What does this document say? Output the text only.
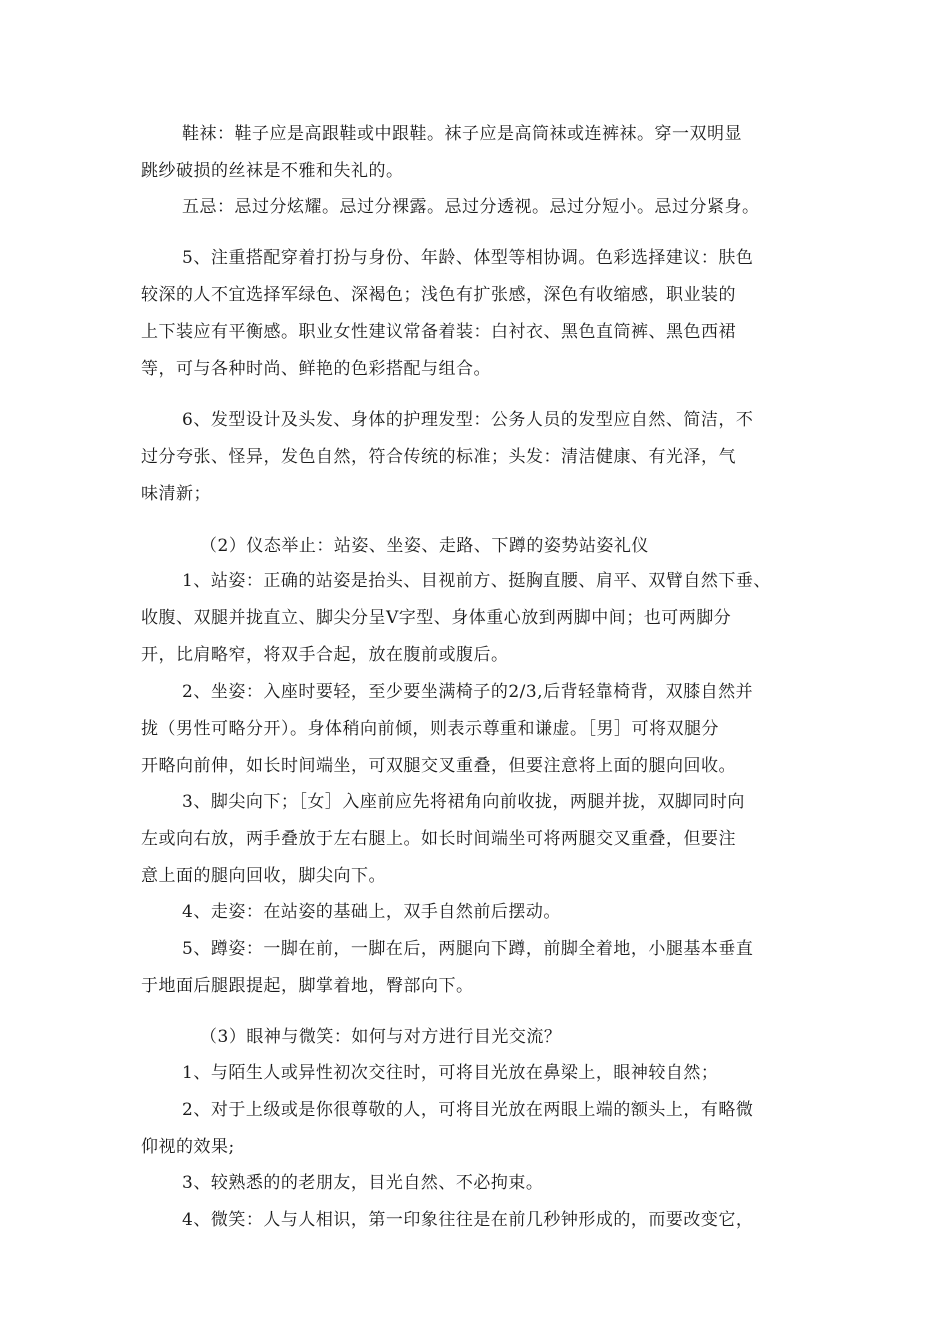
鞋袜：鞋子应是高跟鞋或中跟鞋。袜子应是高筒袜或连裤袜。穿一双明显
跳纱破损的丝袜是不雅和失礼的。
五忌：忌过分炫耀。忌过分裸露。忌过分透视。忌过分短小。忌过分紧身。
5、注重搭配穿着打扮与身份、年龄、体型等相协调。色彩选择建议：肤色
较深的人不宜选择军绿色、深褐色；浅色有扩张感，深色有收缩感，职业装的
上下装应有平衡感。职业女性建议常备着装：白衬衣、黑色直筒裤、黑色西裙
等，可与各种时尚、鲜艳的色彩搭配与组合。
6、发型设计及头发、身体的护理发型：公务人员的发型应自然、简洁，不
过分夸张、怪异，发色自然，符合传统的标准；头发：清洁健康、有光泽，气
味清新；
（2）仪态举止：站姿、坐姿、走路、下蹲的姿势站姿礼仪
1、站姿：正确的站姿是抬头、目视前方、挺胸直腰、肩平、双臂自然下垂、
收腹、双腿并拢直立、脚尖分呈V字型、身体重心放到两脚中间；也可两脚分
开，比肩略窄，将双手合起，放在腹前或腹后。
2、坐姿：入座时要轻，至少要坐满椅子的2/3,后背轻靠椅背，双膝自然并
拢（男性可略分开）。身体稍向前倾，则表示尊重和谦虚。［男］可将双腿分
开略向前伸，如长时间端坐，可双腿交叉重叠，但要注意将上面的腿向回收。
3、脚尖向下；［女］入座前应先将裙角向前收拢，两腿并拢，双脚同时向
左或向右放，两手叠放于左右腿上。如长时间端坐可将两腿交叉重叠，但要注
意上面的腿向回收，脚尖向下。
4、走姿：在站姿的基础上，双手自然前后摆动。
5、蹲姿：一脚在前，一脚在后，两腿向下蹲，前脚全着地，小腿基本垂直
于地面后腿跟提起，脚掌着地，臀部向下。
（3）眼神与微笑：如何与对方进行目光交流？
1、与陌生人或异性初次交往时，可将目光放在鼻梁上，眼神较自然；
2、对于上级或是你很尊敬的人，可将目光放在两眼上端的额头上，有略微
仰视的效果;
3、较熟悉的的老朋友，目光自然、不必拘束。
4、微笑：人与人相识，第一印象往往是在前几秒钟形成的，而要改变它，
